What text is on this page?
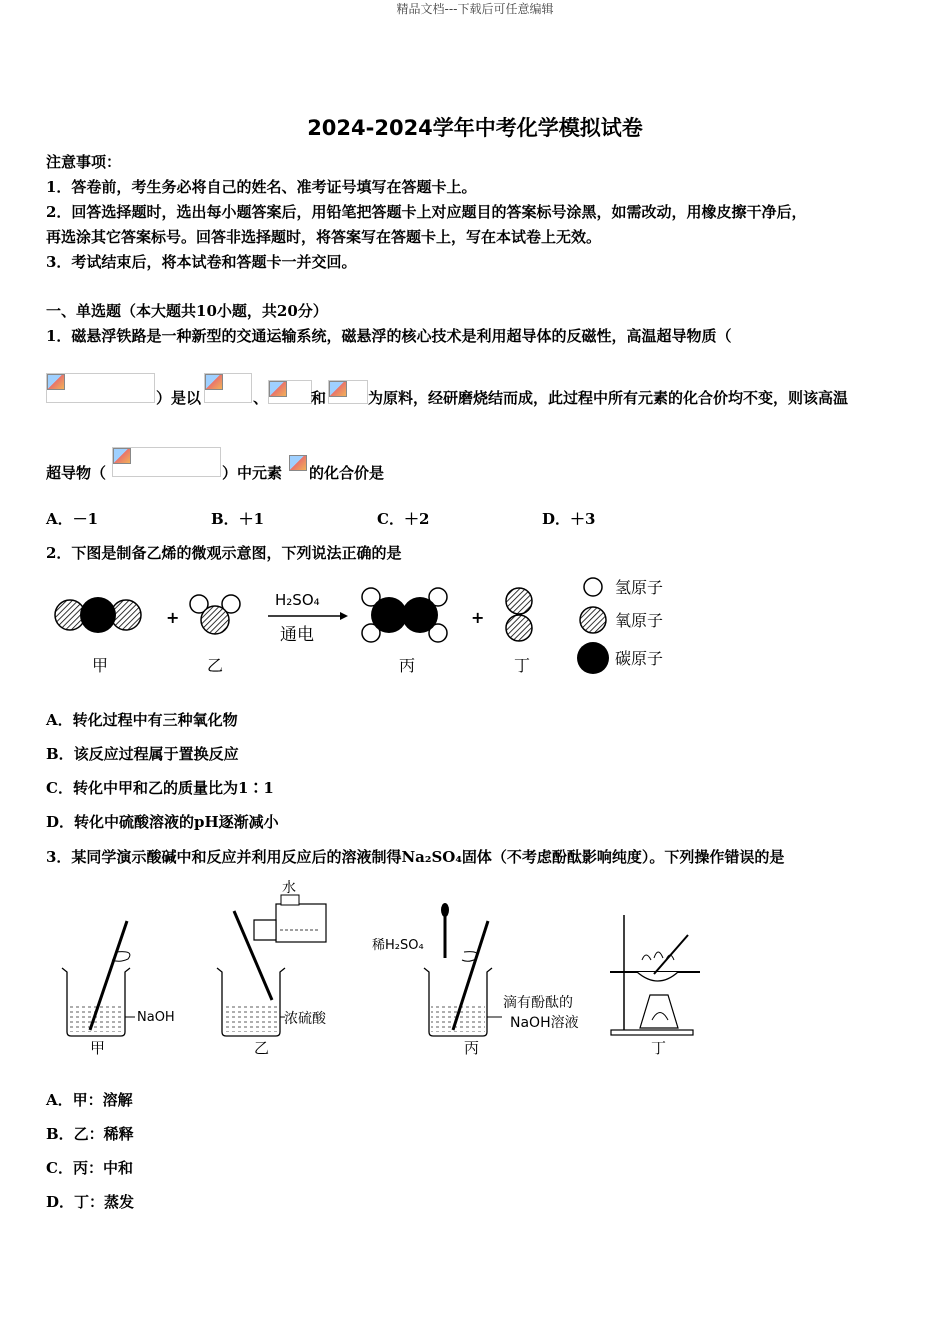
精品文档---下载后可任意编辑
2024-2024学年中考化学模拟试卷
注意事项：
1．答卷前，考生务必将自己的姓名、准考证号填写在答题卡上。
2．回答选择题时，选出每小题答案后，用铅笔把答题卡上对应题目的答案标号涂黑，如需改动，用橡皮擦干净后，
再选涂其它答案标号。回答非选择题时，将答案写在答题卡上，写在本试卷上无效。
3．考试结束后，将本试卷和答题卡一并交回。
一、单选题（本大题共10小题，共20分）
1．磁悬浮铁路是一种新型的交通运输系统，磁悬浮的核心技术是利用超导体的反磁性，高温超导物质（
）是以	、	和	为原料，经研磨烧结而成，此过程中所有元素的化合价均不变，则该高温
超导物（	）中元素 的化合价是
A．－1	B．＋1	C．＋2	D．＋3
2．下图是制备乙烯的微观示意图，下列说法正确的是
+
H₂SO₄
通电
+
甲	乙	丙	丁
氢原子
氧原子
碳原子
A．转化过程中有三种氧化物
B．该反应过程属于置换反应
C．转化中甲和乙的质量比为1∶1
D．转化中硫酸溶液的pH逐渐减小
3．某同学演示酸碱中和反应并利用反应后的溶液制得Na₂SO₄固体（不考虑酚酞影响纯度）。下列操作错误的是
NaOH
甲
水
浓硫酸
乙
稀H₂SO₄
滴有酚酞的
NaOH溶液
丙	丁
A．甲：溶解
B．乙：稀释
C．丙：中和
D．丁：蒸发
